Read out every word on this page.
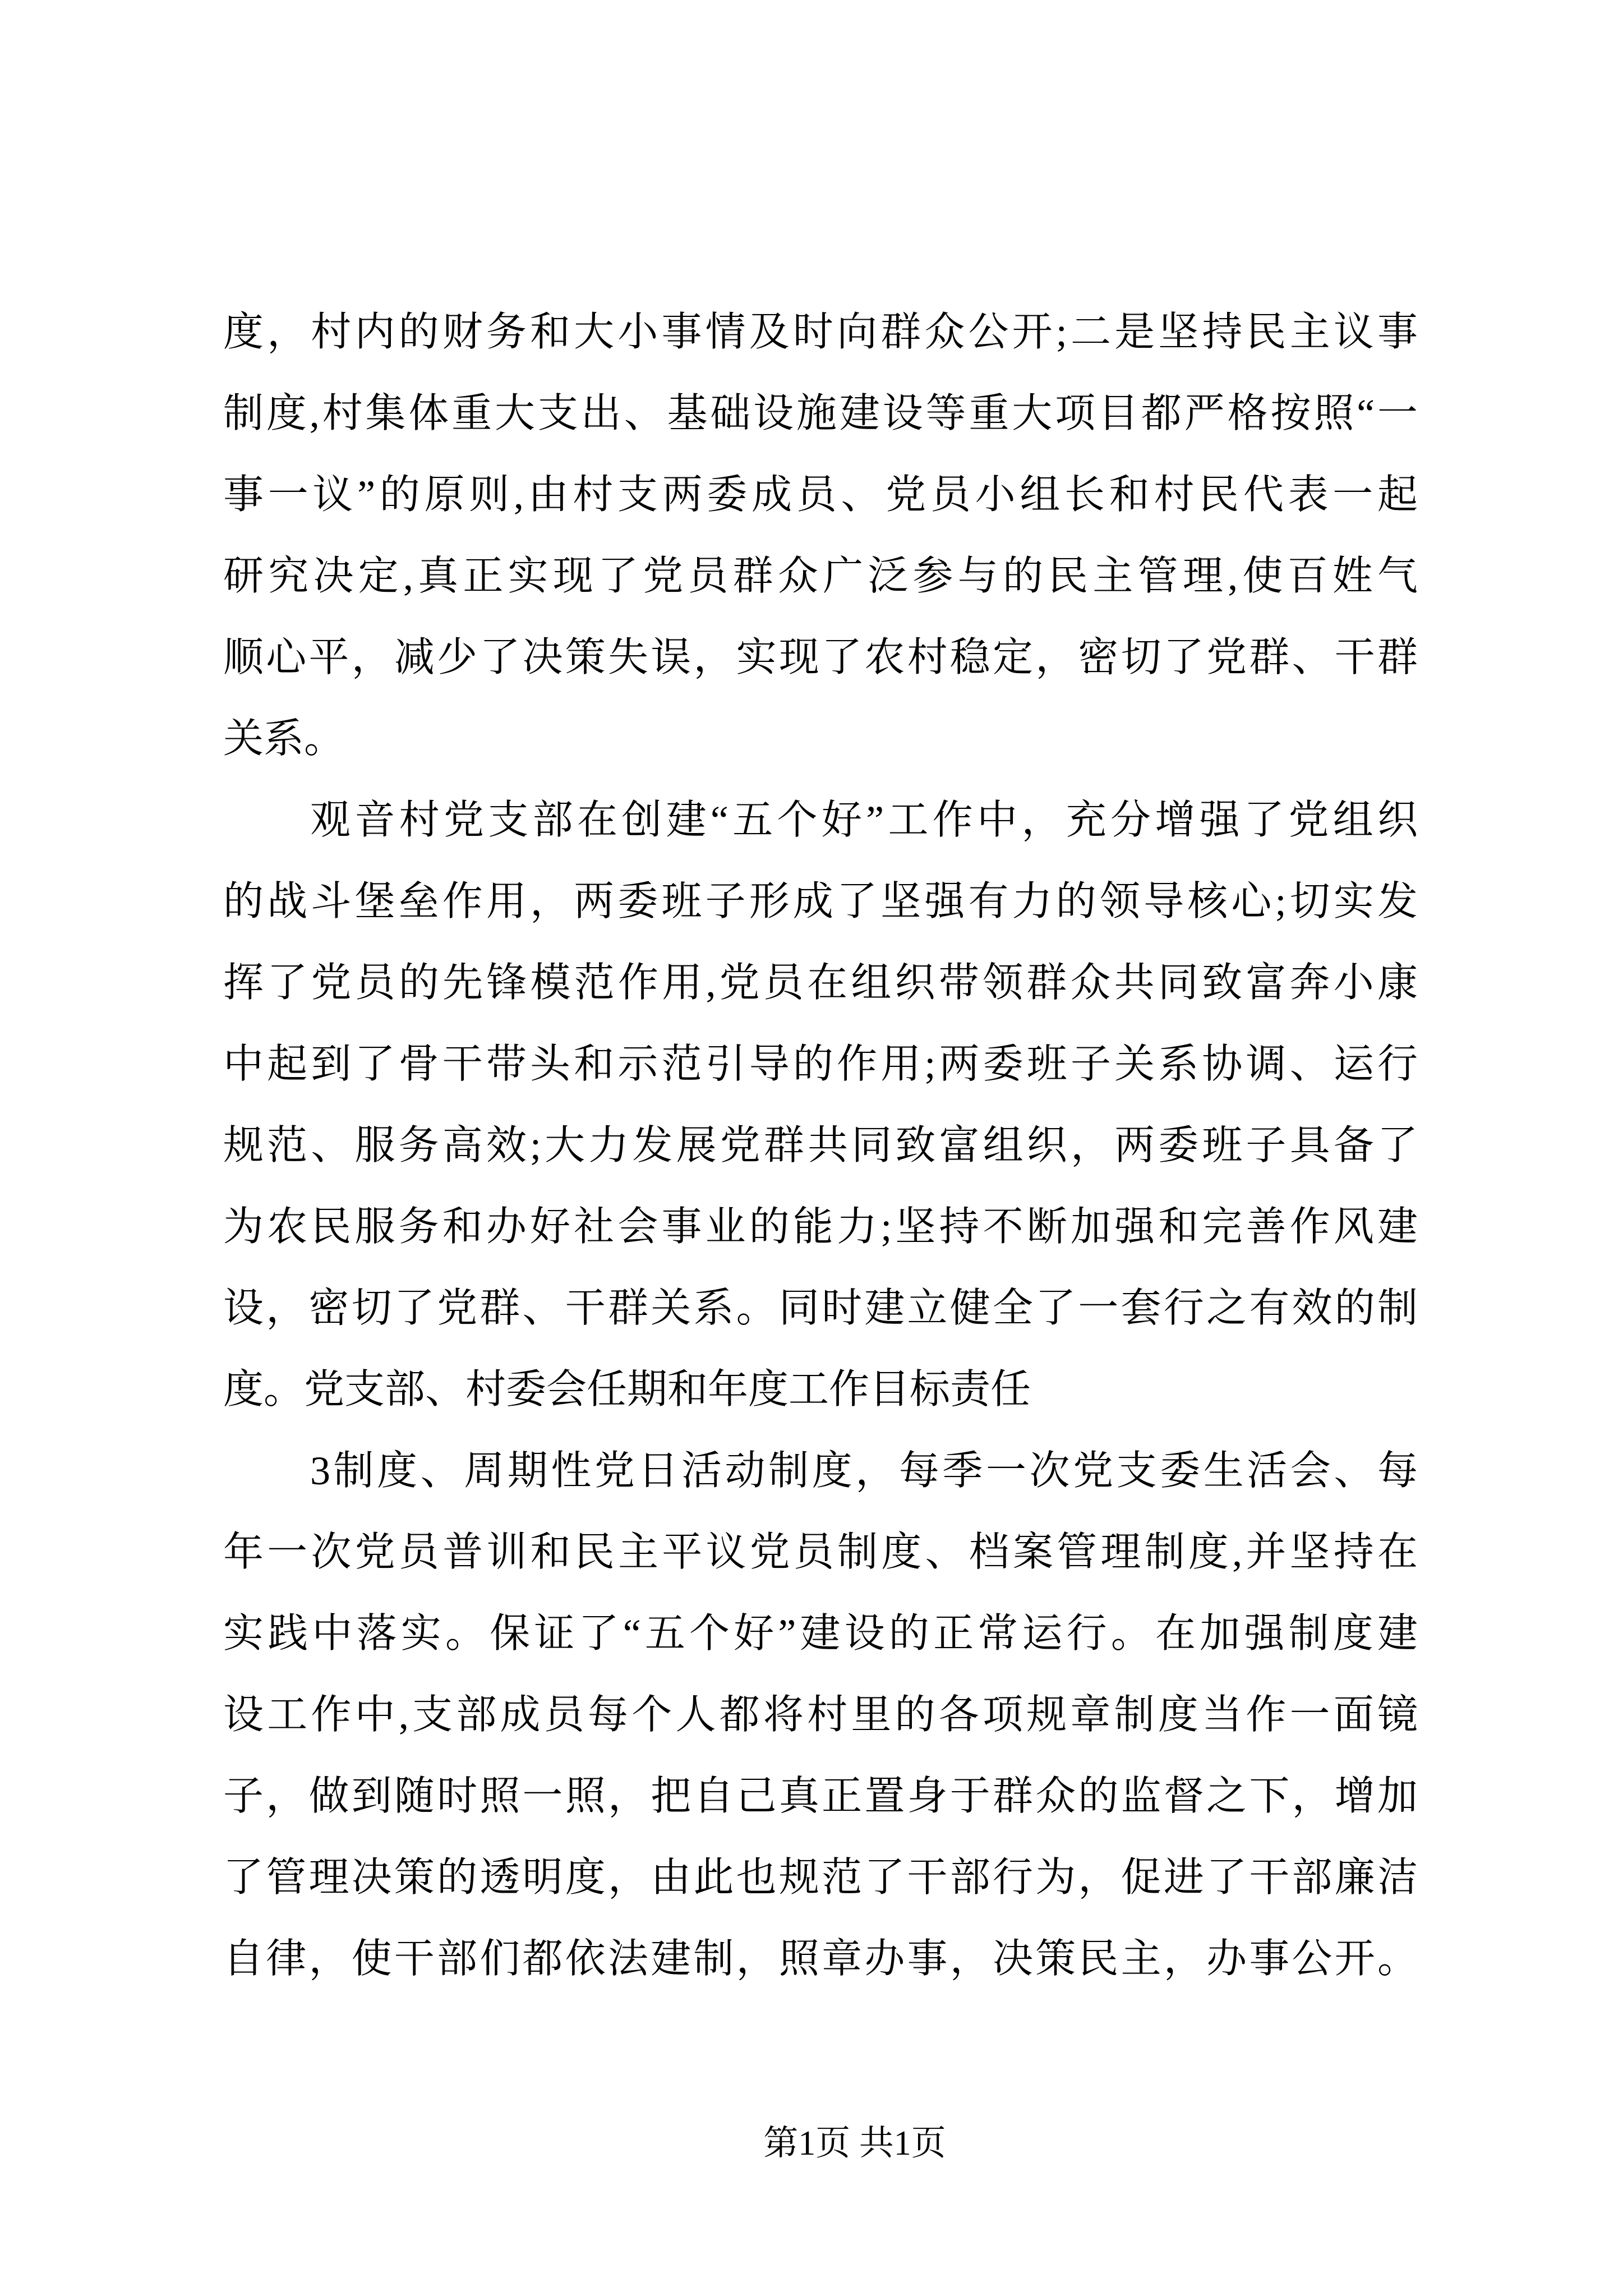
度，村内的财务和大小事情及时向群众公开;二是坚持民主议事
制度,村集体重大支出、基础设施建设等重大项目都严格按照“一
事一议”的原则,由村支两委成员、党员小组长和村民代表一起
研究决定,真正实现了党员群众广泛参与的民主管理,使百姓气
顺心平，减少了决策失误，实现了农村稳定，密切了党群、干群
关系。
观音村党支部在创建“五个好”工作中，充分增强了党组织
的战斗堡垒作用，两委班子形成了坚强有力的领导核心;切实发
挥了党员的先锋模范作用,党员在组织带领群众共同致富奔小康
中起到了骨干带头和示范引导的作用;两委班子关系协调、运行
规范、服务高效;大力发展党群共同致富组织，两委班子具备了
为农民服务和办好社会事业的能力;坚持不断加强和完善作风建
设，密切了党群、干群关系。同时建立健全了一套行之有效的制
度。党支部、村委会任期和年度工作目标责任
3制度、周期性党日活动制度，每季一次党支委生活会、每
年一次党员普训和民主平议党员制度、档案管理制度,并坚持在
实践中落实。保证了“五个好”建设的正常运行。在加强制度建
设工作中,支部成员每个人都将村里的各项规章制度当作一面镜
子，做到随时照一照，把自己真正置身于群众的监督之下，增加
了管理决策的透明度，由此也规范了干部行为，促进了干部廉洁
自律，使干部们都依法建制，照章办事，决策民主，办事公开。
第1页 共1页
